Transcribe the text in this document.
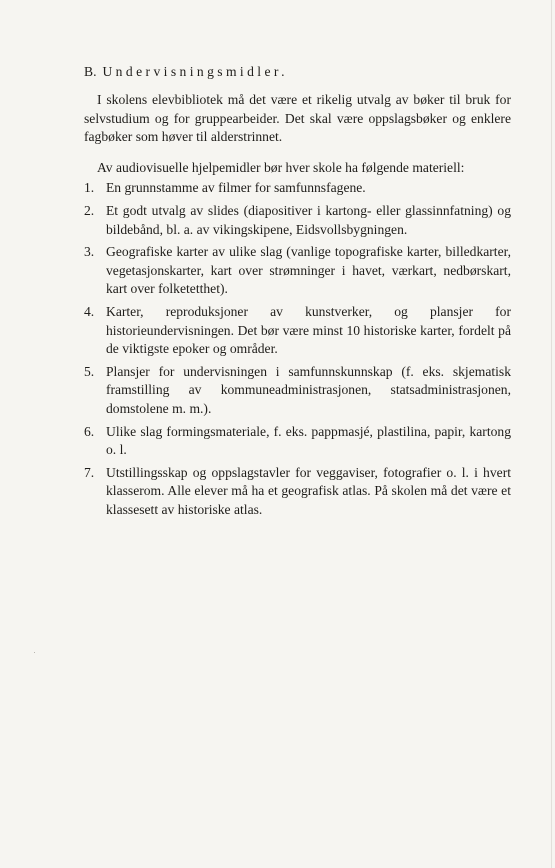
B. Undervisningsmidler.

I skolens elevbibliotek må det være et rikelig utvalg av bøker til bruk for selvstudium og for gruppearbeider. Det skal være oppslagsbøker og enklere fagbøker som høver til alderstrinnet.

Av audiovisuelle hjelpemidler bør hver skole ha følgende materiell:

1. En grunnstamme av filmer for samfunnsfagene.
2. Et godt utvalg av slides (diapositiver i kartong- eller glassinnfatning) og bildebånd, bl. a. av vikingskipene, Eidsvollsbygningen.
3. Geografiske karter av ulike slag (vanlige topografiske karter, billedkarter, vegetasjonskarter, kart over strømninger i havet, værkart, nedbørskart, kart over folketetthet).
4. Karter, reproduksjoner av kunstverker, og plansjer for historieundervisningen. Det bør være minst 10 historiske karter, fordelt på de viktigste epoker og områder.
5. Plansjer for undervisningen i samfunnskunnskap (f. eks. skjematisk framstilling av kommuneadministrasjonen, statsadministrasjonen, domstolene m. m.).
6. Ulike slag formingsmateriale, f. eks. pappmasjé, plastilina, papir, kartong o. l.
7. Utstillingsskap og oppslagstavler for veggaviser, fotografier o. l. i hvert klasserom. Alle elever må ha et geografisk atlas. På skolen må det være et klassesett av historiske atlas.
